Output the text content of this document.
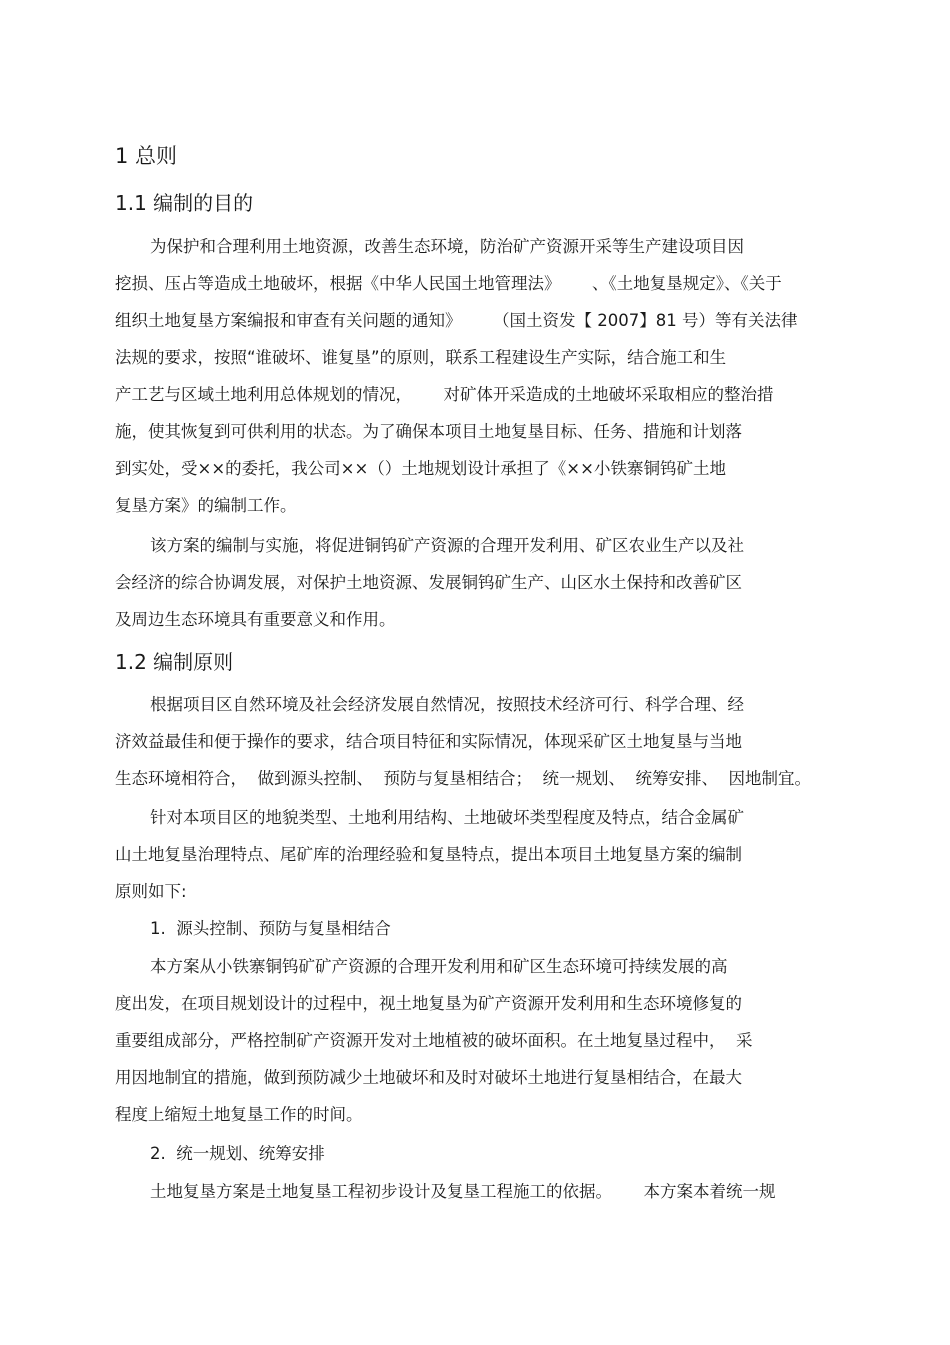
1 总则
1.1 编制的目的
为保护和合理利用土地资源，改善生态环境，防治矿产资源开采等生产建设项目因
挖损、压占等造成土地破坏，根据《中华人民国土地管理法》      、《土地复垦规定》、《关于
组织土地复垦方案编报和审查有关问题的通知》      （国土资发【 2007】81 号）等有关法律
法规的要求，按照“谁破坏、谁复垦”的原则，联系工程建设生产实际，结合施工和生
产工艺与区域土地利用总体规划的情况，      对矿体开采造成的土地破坏采取相应的整治措
施，使其恢复到可供利用的状态。为了确保本项目土地复垦目标、任务、措施和计划落
到实处，受××的委托，我公司××（）土地规划设计承担了《××小铁寨铜钨矿土地
复垦方案》的编制工作。
该方案的编制与实施，将促进铜钨矿产资源的合理开发利用、矿区农业生产以及社
会经济的综合协调发展，对保护土地资源、发展铜钨矿生产、山区水土保持和改善矿区
及周边生态环境具有重要意义和作用。
1.2 编制原则
根据项目区自然环境及社会经济发展自然情况，按照技术经济可行、科学合理、经
济效益最佳和便于操作的要求，结合项目特征和实际情况，体现采矿区土地复垦与当地
生态环境相符合，  做到源头控制、  预防与复垦相结合；  统一规划、  统筹安排、  因地制宜。
针对本项目区的地貌类型、土地利用结构、土地破坏类型程度及特点，结合金属矿
山土地复垦治理特点、尾矿库的治理经验和复垦特点，提出本项目土地复垦方案的编制
原则如下:
1.  源头控制、预防与复垦相结合
本方案从小铁寨铜钨矿矿产资源的合理开发利用和矿区生态环境可持续发展的高
度出发，在项目规划设计的过程中，视土地复垦为矿产资源开发利用和生态环境修复的
重要组成部分，严格控制矿产资源开发对土地植被的破坏面积。在土地复垦过程中，  采
用因地制宜的措施，做到预防减少土地破坏和及时对破坏土地进行复垦相结合，在最大
程度上缩短土地复垦工作的时间。
2.  统一规划、统筹安排
土地复垦方案是土地复垦工程初步设计及复垦工程施工的依据。      本方案本着统一规
